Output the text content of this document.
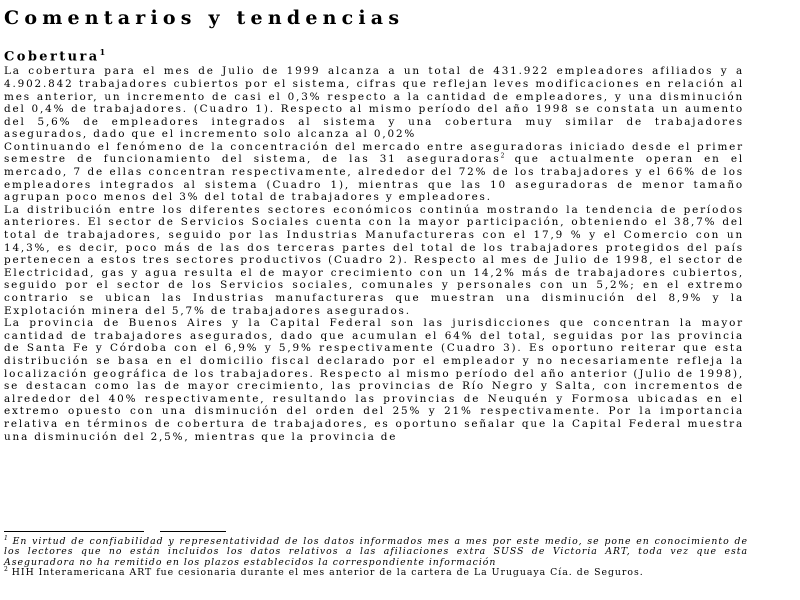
Comentarios y tendencias
Cobertura$^1$

La cobertura para el mes de Julio de 1999 alcanza a un total de 431.922 empleadores afiliados y a 4.902.842 trabajadores cubiertos por el sistema, cifras que reflejan leves modificaciones en relación al mes anterior, un incremento de casi el 0,3% respecto a la cantidad de empleadores, y una disminución del 0,4% de trabajadores. (Cuadro 1). Respecto al mismo período del año 1998 se constata un aumento del 5,6% de empleadores integrados al sistema y una cobertura muy similar de trabajadores asegurados, dado que el incremento solo alcanza al 0,02%

Continuando el fenómeno de la concentración del mercado entre aseguradoras iniciado desde el primer semestre de funcionamiento del sistema, de las 31 aseguradoras$^2$ que actualmente operan en el mercado, 7 de ellas concentran respectivamente, alrededor del 72% de los trabajadores y el 66% de los empleadores integrados al sistema (Cuadro 1), mientras que las 10 aseguradoras de menor tamaño agrupan poco menos del 3% del total de trabajadores y empleadores.

La distribución entre los diferentes sectores económicos continúa mostrando la tendencia de períodos anteriores. El sector de Servicios Sociales cuenta con la mayor participación, obteniendo el 38,7% del total de trabajadores, seguido por las Industrias Manufactureras con el 17,9 % y el Comercio con un 14,3%, es decir, poco más de las dos terceras partes del total de los trabajadores protegidos del país pertenecen a estos tres sectores productivos (Cuadro 2). Respecto al mes de Julio de 1998, el sector de Electricidad, gas y agua resulta el de mayor crecimiento con un 14,2% más de trabajadores cubiertos, seguido por el sector de los Servicios sociales, comunales y personales con un 5,2%; en el extremo contrario se ubican las Industrias manufactureras que muestran una disminución del 8,9% y la Explotación minera del 5,7% de trabajadores asegurados.

La provincia de Buenos Aires y la Capital Federal son las jurisdicciones que concentran la mayor cantidad de trabajadores asegurados, dado que acumulan el 64% del total, seguidas por las provincia de Santa Fe y Córdoba con el 6,9% y 5,9% respectivamente (Cuadro 3). Es oportuno reiterar que esta distribución se basa en el domicilio fiscal declarado por el empleador y no necesariamente refleja la localización geográfica de los trabajadores. Respecto al mismo período del año anterior (Julio de 1998), se destacan como las de mayor crecimiento, las provincias de Río Negro y Salta, con incrementos de alrededor del 40% respectivamente, resultando las provincias de Neuquén y Formosa ubicadas en el extremo opuesto con una disminución del orden del 25% y 21% respectivamente. Por la importancia relativa en términos de cobertura de trabajadores, es oportuno señalar que la Capital Federal muestra una disminución del 2,5%, mientras que la provincia de

$^1$ En virtud de confiabilidad y representatividad de los datos informados mes a mes por este medio, se pone en conocimiento de los lectores que no están incluidos los datos relativos a las afiliaciones extra SUSS de Victoria ART, toda vez que esta Aseguradora no ha remitido en los plazos establecidos la correspondiente información

$^2$ HIH Interamericana ART fue cesionaria durante el mes anterior de la cartera de La Uruguaya Cía. de Seguros.
